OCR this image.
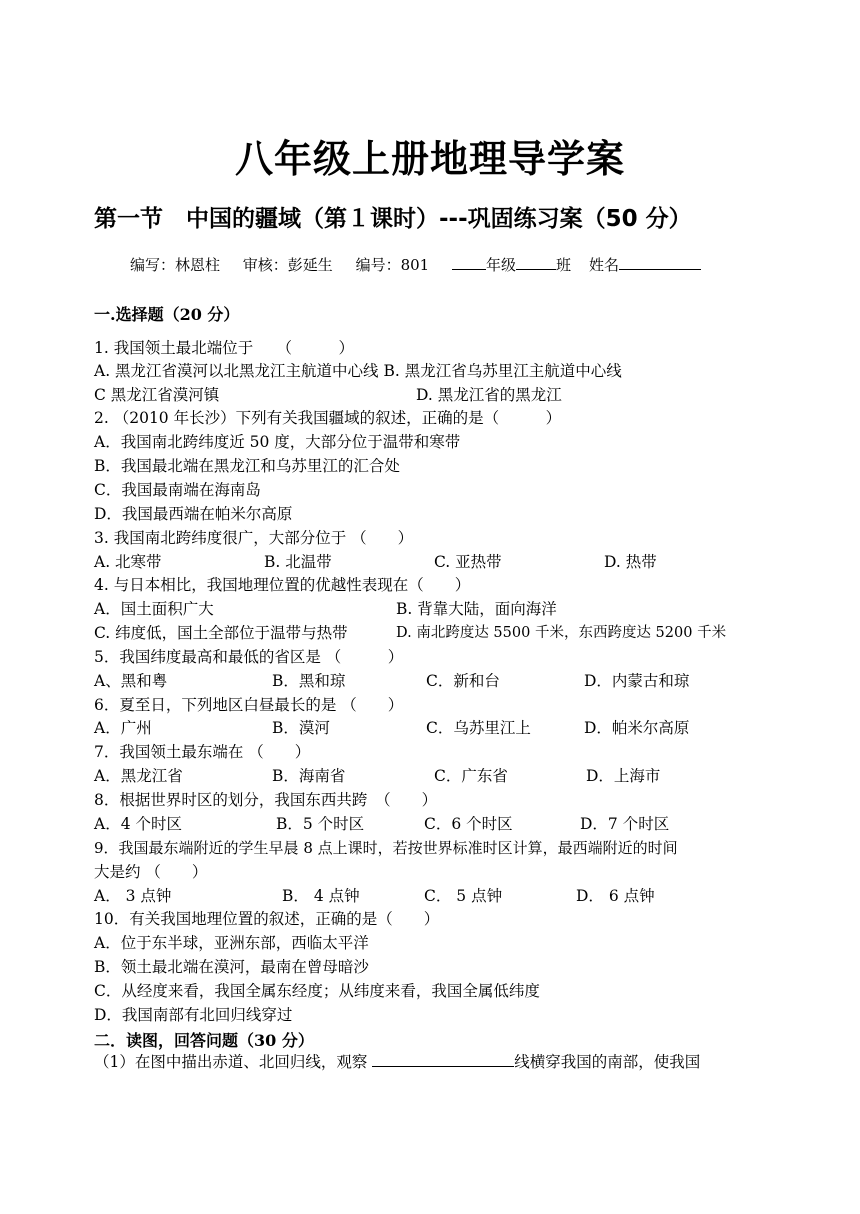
八年级上册地理导学案
第一节　中国的疆域（第１课时）---巩固练习案（50 分）
编写：林恩柱 审核：彭延生 编号：801	年级	班 姓名
一.选择题（20 分）
1. 我国领土最北端位于　　（　　　）
A. 黑龙江省漠河以北黑龙江主航道中心线 B. 黑龙江省乌苏里江主航道中心线
C 黑龙江省漠河镇	D. 黑龙江省的黑龙江
2. （2010 年长沙）下列有关我国疆域的叙述，正确的是（　　　）
A．我国南北跨纬度近 50 度，大部分位于温带和寒带
B．我国最北端在黑龙江和乌苏里江的汇合处
C．我国最南端在海南岛
D．我国最西端在帕米尔高原
3. 我国南北跨纬度很广，大部分位于 （　　）
A. 北寒带	B. 北温带	C. 亚热带	D. 热带
4. 与日本相比，我国地理位置的优越性表现在（　　）
A．国土面积广大	B. 背靠大陆，面向海洋
C. 纬度低，国土全部位于温带与热带	D. 南北跨度达 5500 千米，东西跨度达 5200 千米
5．我国纬度最高和最低的省区是 （　　　）
A、黑和粤	B．黑和琼	C．新和台	D．内蒙古和琼
6．夏至日，下列地区白昼最长的是 （　　）
A．广州	B．漠河	C．乌苏里江上	D．帕米尔高原
7．我国领土最东端在 （　　）
A．黑龙江省	B．海南省	C．广东省	D．上海市
8．根据世界时区的划分，我国东西共跨　（　　）
A．4 个时区	B．5 个时区	C．6 个时区	D．7 个时区
9．我国最东端附近的学生早晨 8 点上课时，若按世界标准时区计算，最西端附近的时间
大是约 （　　）
A． 3 点钟	B． 4 点钟	C． 5 点钟	D． 6 点钟
10．有关我国地理位置的叙述，正确的是（　　）
A．位于东半球，亚洲东部，西临太平洋
B．领土最北端在漠河，最南在曾母暗沙
C．从经度来看，我国全属东经度；从纬度来看，我国全属低纬度
D．我国南部有北回归线穿过
二．读图，回答问题（30 分）
（1）在图中描出赤道、北回归线，观察	线横穿我国的南部，使我国
